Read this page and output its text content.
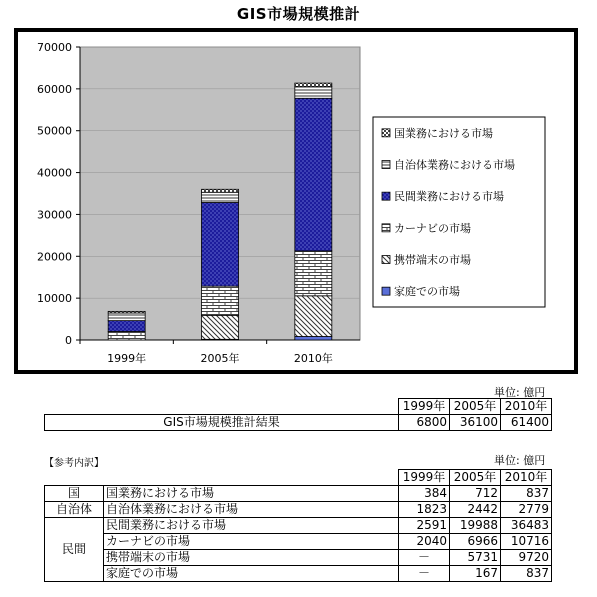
GIS市場規模推計
0
10000
20000
30000
40000
50000
60000
70000
1999年	2005年	2010年
国業務における市場
自治体業務における市場
民間業務における市場
カーナビの市場
携帯端末の市場
家庭での市場
単位: 億円
	1999年	2005年	2010年
GIS市場規模推計結果	6800	36100	61400
【参考内訳】	単位: 億円
		1999年	2005年	2010年
国	国業務における市場	384	712	837
自治体	自治体業務における市場	1823	2442	2779
民間	民間業務における市場	2591	19988	36483
	カーナビの市場	2040	6966	10716
	携帯端末の市場	－	5731	9720
	家庭での市場	－	167	837
